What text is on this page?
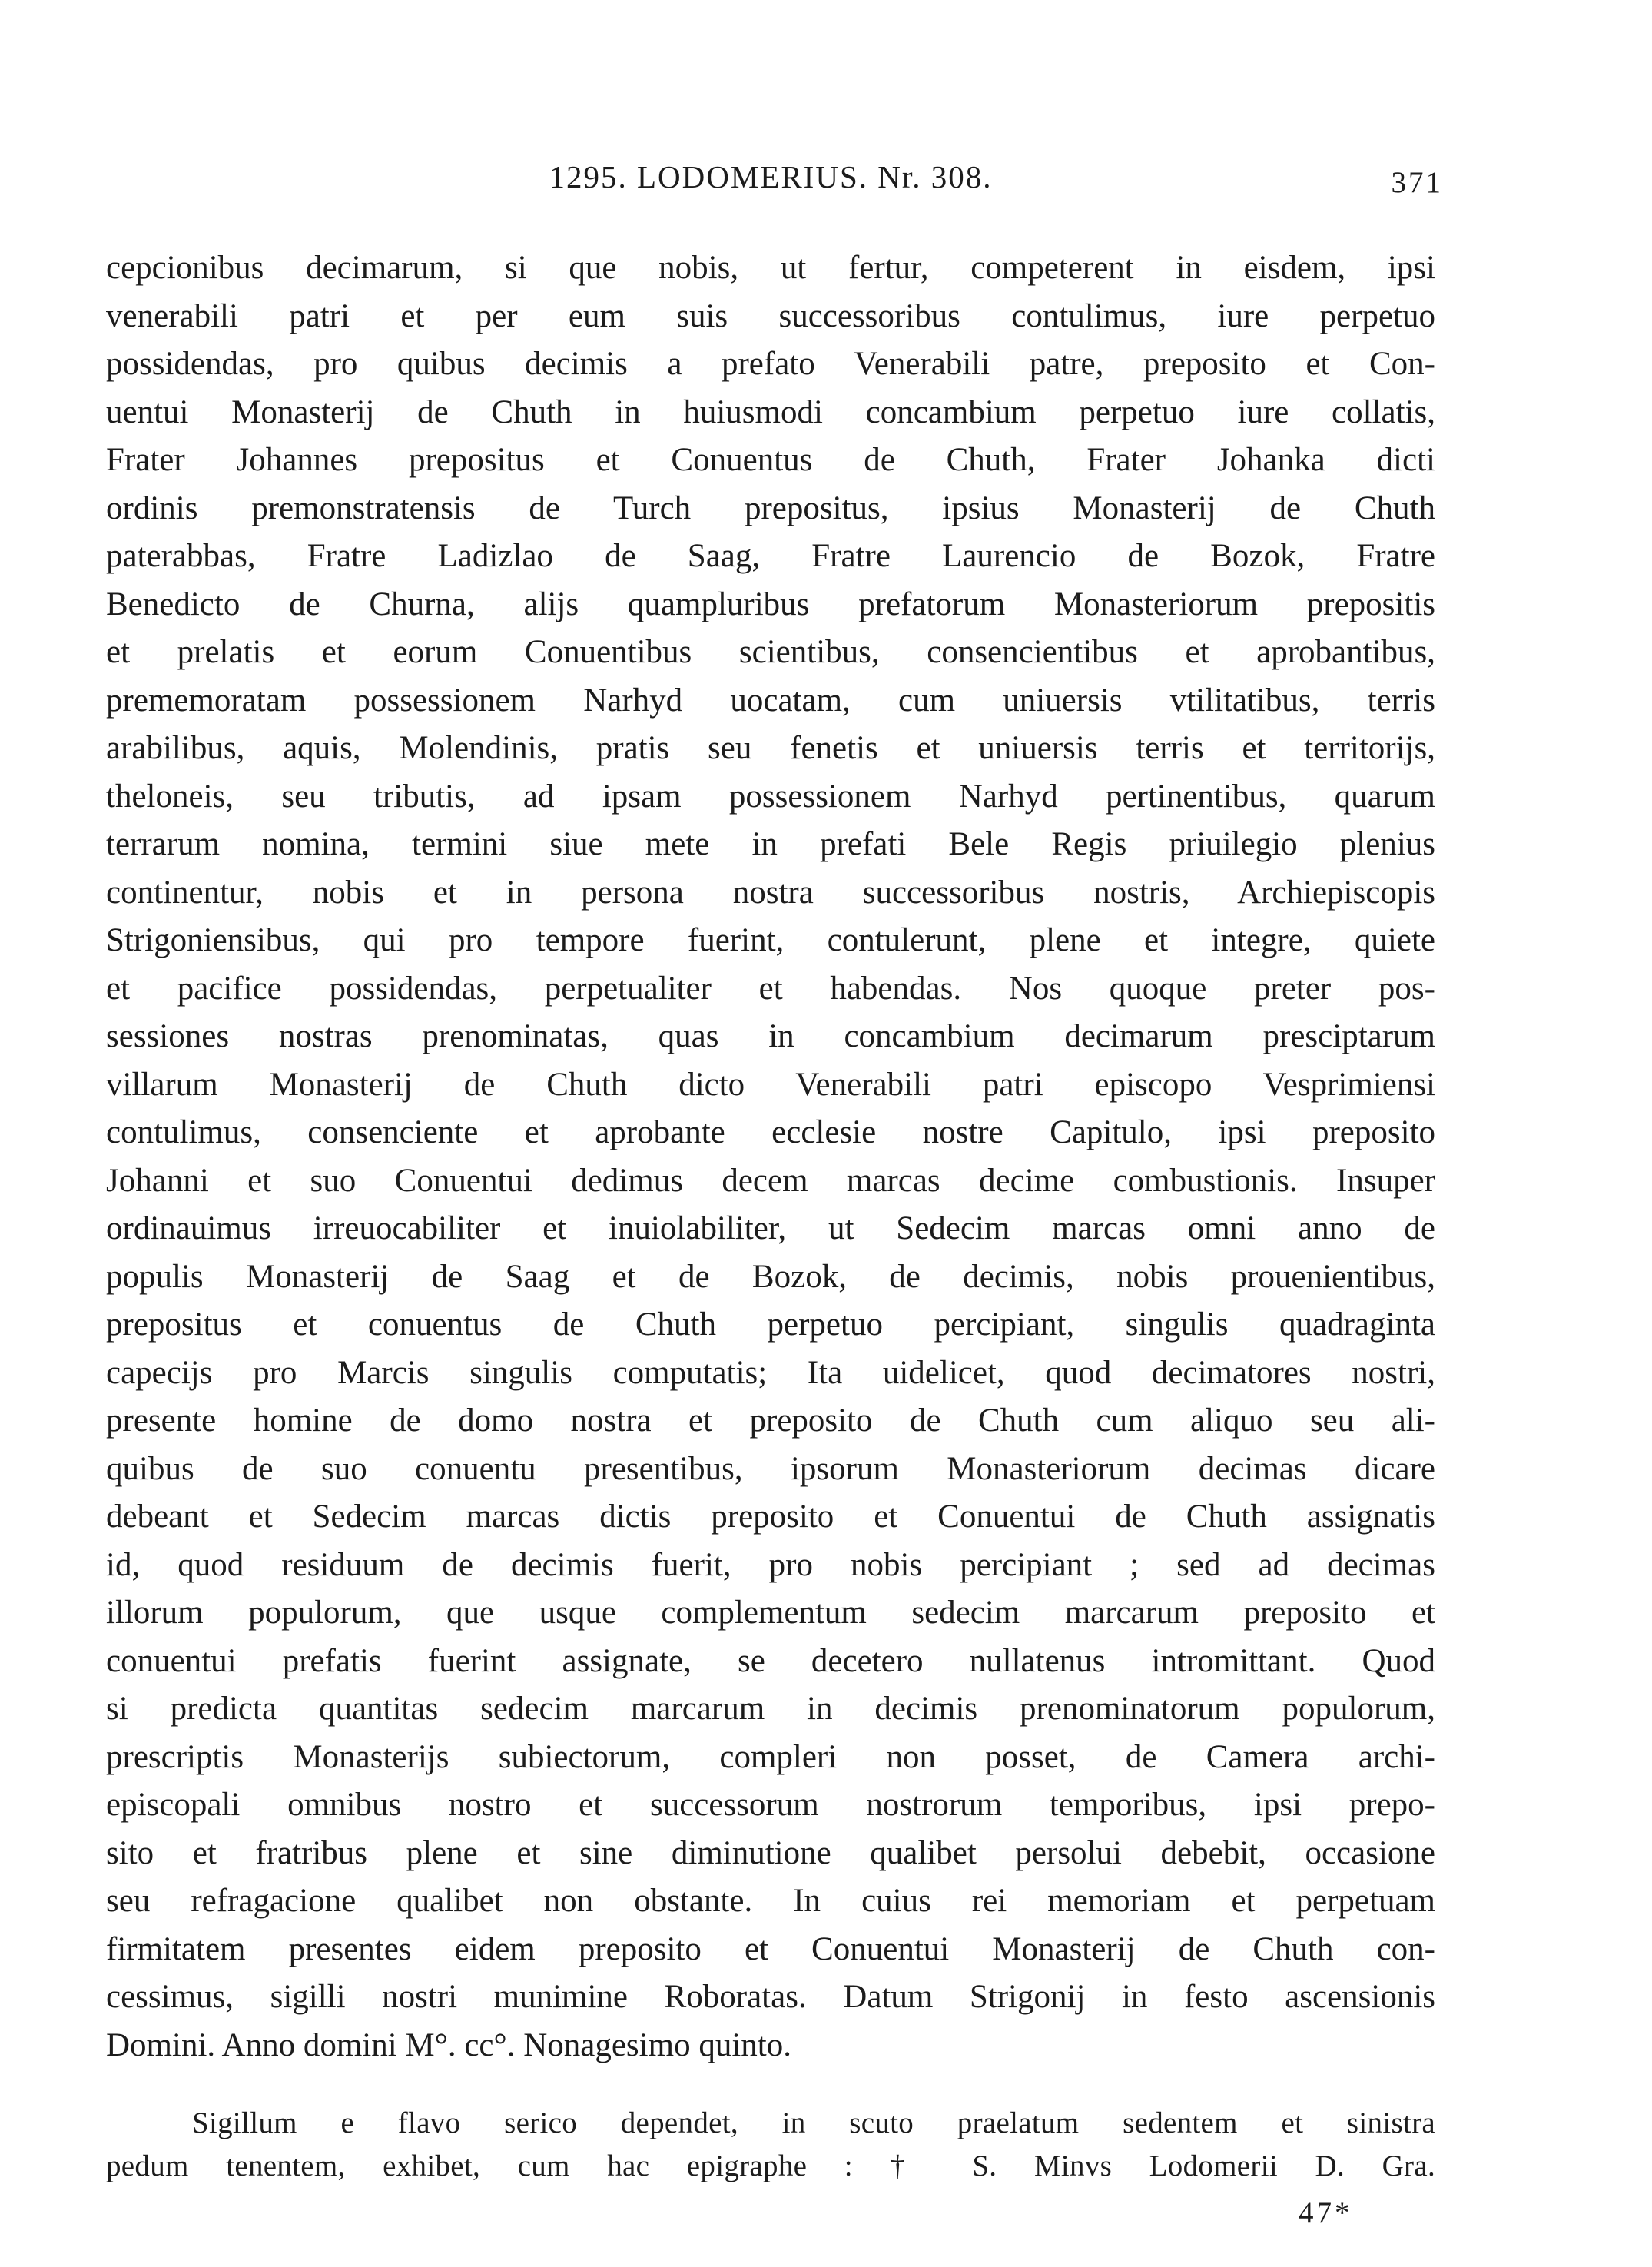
1295. LODOMERIUS. Nr. 308.	371
cepcionibus decimarum, si que nobis, ut fertur, competerent in eisdem, ipsi
venerabili patri et per eum suis successoribus contulimus, iure perpetuo
possidendas, pro quibus decimis a prefato Venerabili patre, preposito et Con-
uentui Monasterij de Chuth in huiusmodi concambium perpetuo iure collatis,
Frater Johannes prepositus et Conuentus de Chuth, Frater Johanka dicti
ordinis premonstratensis de Turch prepositus, ipsius Monasterij de Chuth
paterabbas, Fratre Ladizlao de Saag, Fratre Laurencio de Bozok, Fratre
Benedicto de Churna, alijs quampluribus prefatorum Monasteriorum prepositis
et prelatis et eorum Conuentibus scientibus, consencientibus et aprobantibus,
prememoratam possessionem Narhyd uocatam, cum uniuersis vtilitatibus, terris
arabilibus, aquis, Molendinis, pratis seu fenetis et uniuersis terris et territorijs,
theloneis, seu tributis, ad ipsam possessionem Narhyd pertinentibus, quarum
terrarum nomina, termini siue mete in prefati Bele Regis priuilegio plenius
continentur, nobis et in persona nostra successoribus nostris, Archiepiscopis
Strigoniensibus, qui pro tempore fuerint, contulerunt, plene et integre, quiete
et pacifice possidendas, perpetualiter et habendas. Nos quoque preter pos-
sessiones nostras prenominatas, quas in concambium decimarum presciptarum
villarum Monasterij de Chuth dicto Venerabili patri episcopo Vesprimiensi
contulimus, consenciente et aprobante ecclesie nostre Capitulo, ipsi preposito
Johanni et suo Conuentui dedimus decem marcas decime combustionis. Insuper
ordinauimus irreuocabiliter et inuiolabiliter, ut Sedecim marcas omni anno de
populis Monasterij de Saag et de Bozok, de decimis, nobis prouenientibus,
prepositus et conuentus de Chuth perpetuo percipiant, singulis quadraginta
capecijs pro Marcis singulis computatis; Ita uidelicet, quod decimatores nostri,
presente homine de domo nostra et preposito de Chuth cum aliquo seu ali-
quibus de suo conuentu presentibus, ipsorum Monasteriorum decimas dicare
debeant et Sedecim marcas dictis preposito et Conuentui de Chuth assignatis
id, quod residuum de decimis fuerit, pro nobis percipiant ; sed ad decimas
illorum populorum, que usque complementum sedecim marcarum preposito et
conuentui prefatis fuerint assignate, se decetero nullatenus intromittant. Quod
si predicta quantitas sedecim marcarum in decimis prenominatorum populorum,
prescriptis Monasterijs subiectorum, compleri non posset, de Camera archi-
episcopali omnibus nostro et successorum nostrorum temporibus, ipsi prepo-
sito et fratribus plene et sine diminutione qualibet persolui debebit, occasione
seu refragacione qualibet non obstante. In cuius rei memoriam et perpetuam
firmitatem presentes eidem preposito et Conuentui Monasterij de Chuth con-
cessimus, sigilli nostri munimine Roboratas. Datum Strigonij in festo ascensionis
Domini. Anno domini M°. cc°. Nonagesimo quinto.
Sigillum e flavo serico dependet, in scuto praelatum sedentem et sinistra
pedum tenentem, exhibet, cum hac epigraphe : † S. Minvs Lodomerii D. Gra.
47*
